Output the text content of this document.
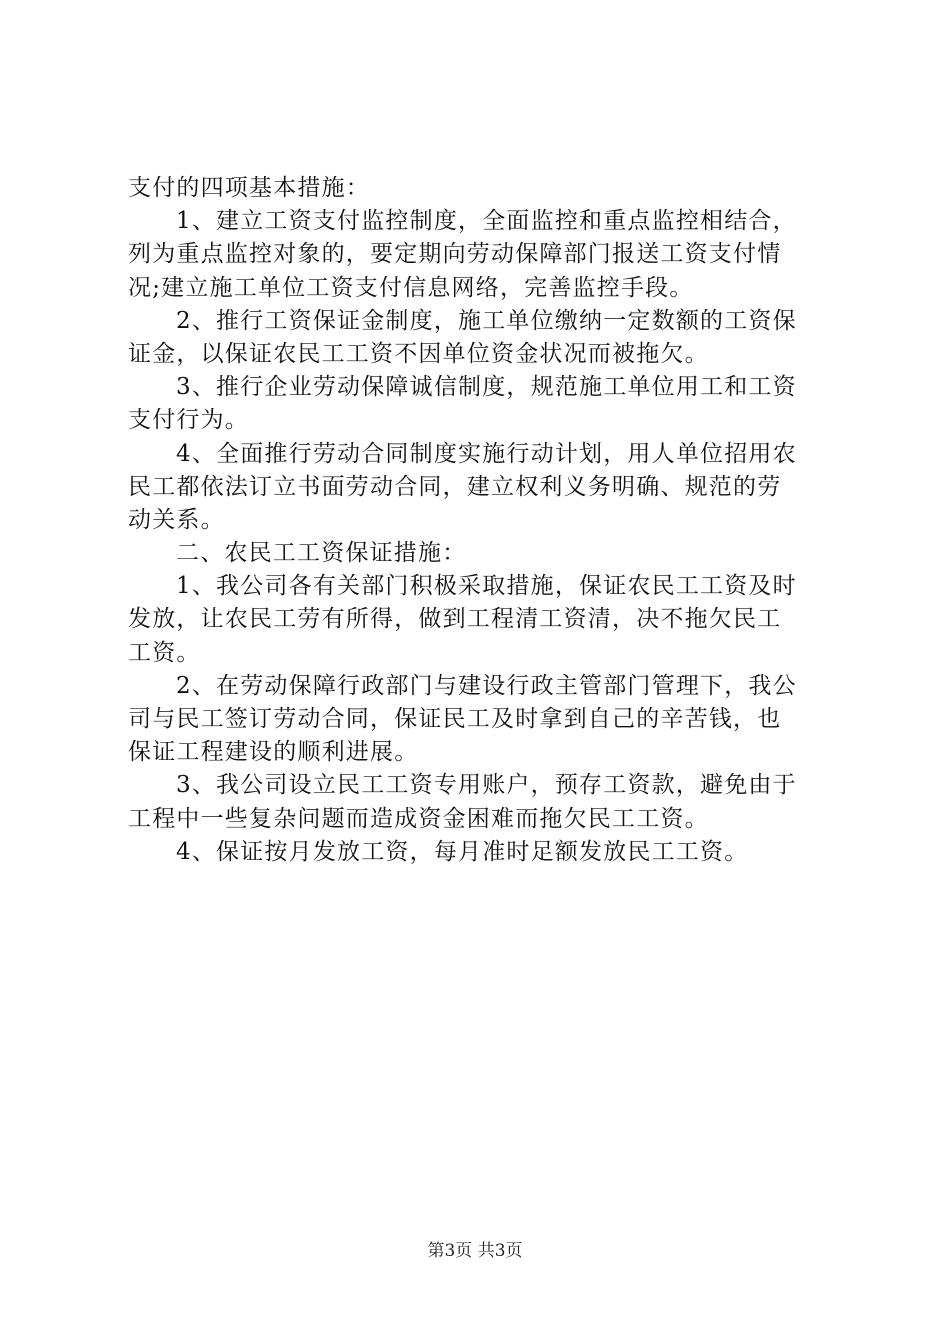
支付的四项基本措施：
1、建立工资支付监控制度，全面监控和重点监控相结合，
列为重点监控对象的，要定期向劳动保障部门报送工资支付情
况;建立施工单位工资支付信息网络，完善监控手段。
2、推行工资保证金制度，施工单位缴纳一定数额的工资保
证金，以保证农民工工资不因单位资金状况而被拖欠。
3、推行企业劳动保障诚信制度，规范施工单位用工和工资
支付行为。
4、全面推行劳动合同制度实施行动计划，用人单位招用农
民工都依法订立书面劳动合同，建立权利义务明确、规范的劳
动关系。
二、农民工工资保证措施：
1、我公司各有关部门积极采取措施，保证农民工工资及时
发放，让农民工劳有所得，做到工程清工资清，决不拖欠民工
工资。
2、在劳动保障行政部门与建设行政主管部门管理下，我公
司与民工签订劳动合同，保证民工及时拿到自己的辛苦钱，也
保证工程建设的顺利进展。
3、我公司设立民工工资专用账户，预存工资款，避免由于
工程中一些复杂问题而造成资金困难而拖欠民工工资。
4、保证按月发放工资，每月准时足额发放民工工资。
第3页 共3页
